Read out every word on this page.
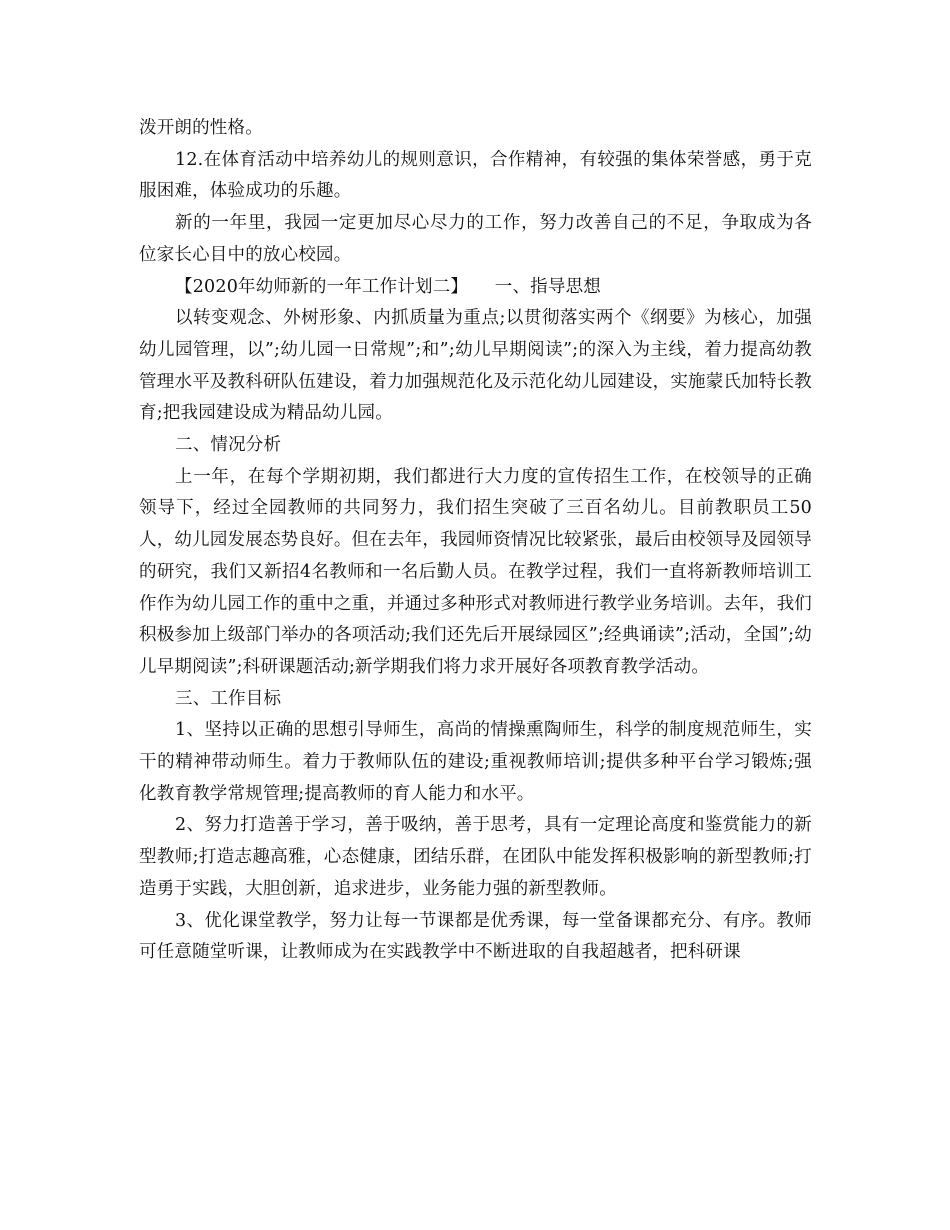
泼开朗的性格。

12.在体育活动中培养幼儿的规则意识，合作精神，有较强的集体荣誉感，勇于克服困难，体验成功的乐趣。

新的一年里，我园一定更加尽心尽力的工作，努力改善自己的不足，争取成为各位家长心目中的放心校园。

【2020年幼师新的一年工作计划二】　　一、指导思想

以转变观念、外树形象、内抓质量为重点;以贯彻落实两个《纲要》为核心，加强幼儿园管理，以”;幼儿园一日常规”;和”;幼儿早期阅读”;的深入为主线，着力提高幼教管理水平及教科研队伍建设，着力加强规范化及示范化幼儿园建设，实施蒙氏加特长教育;把我园建设成为精品幼儿园。

二、情况分析

上一年，在每个学期初期，我们都进行大力度的宣传招生工作，在校领导的正确领导下，经过全园教师的共同努力，我们招生突破了三百名幼儿。目前教职员工50人，幼儿园发展态势良好。但在去年，我园师资情况比较紧张，最后由校领导及园领导的研究，我们又新招4名教师和一名后勤人员。在教学过程，我们一直将新教师培训工作作为幼儿园工作的重中之重，并通过多种形式对教师进行教学业务培训。去年，我们积极参加上级部门举办的各项活动;我们还先后开展绿园区”;经典诵读”;活动，全国”;幼儿早期阅读”;科研课题活动;新学期我们将力求开展好各项教育教学活动。

三、工作目标

1、坚持以正确的思想引导师生，高尚的情操熏陶师生，科学的制度规范师生，实干的精神带动师生。着力于教师队伍的建设;重视教师培训;提供多种平台学习锻炼;强化教育教学常规管理;提高教师的育人能力和水平。

2、努力打造善于学习，善于吸纳，善于思考，具有一定理论高度和鉴赏能力的新型教师;打造志趣高雅，心态健康，团结乐群，在团队中能发挥积极影响的新型教师;打造勇于实践，大胆创新，追求进步，业务能力强的新型教师。

3、优化课堂教学，努力让每一节课都是优秀课，每一堂备课都充分、有序。教师可任意随堂听课，让教师成为在实践教学中不断进取的自我超越者，把科研课
